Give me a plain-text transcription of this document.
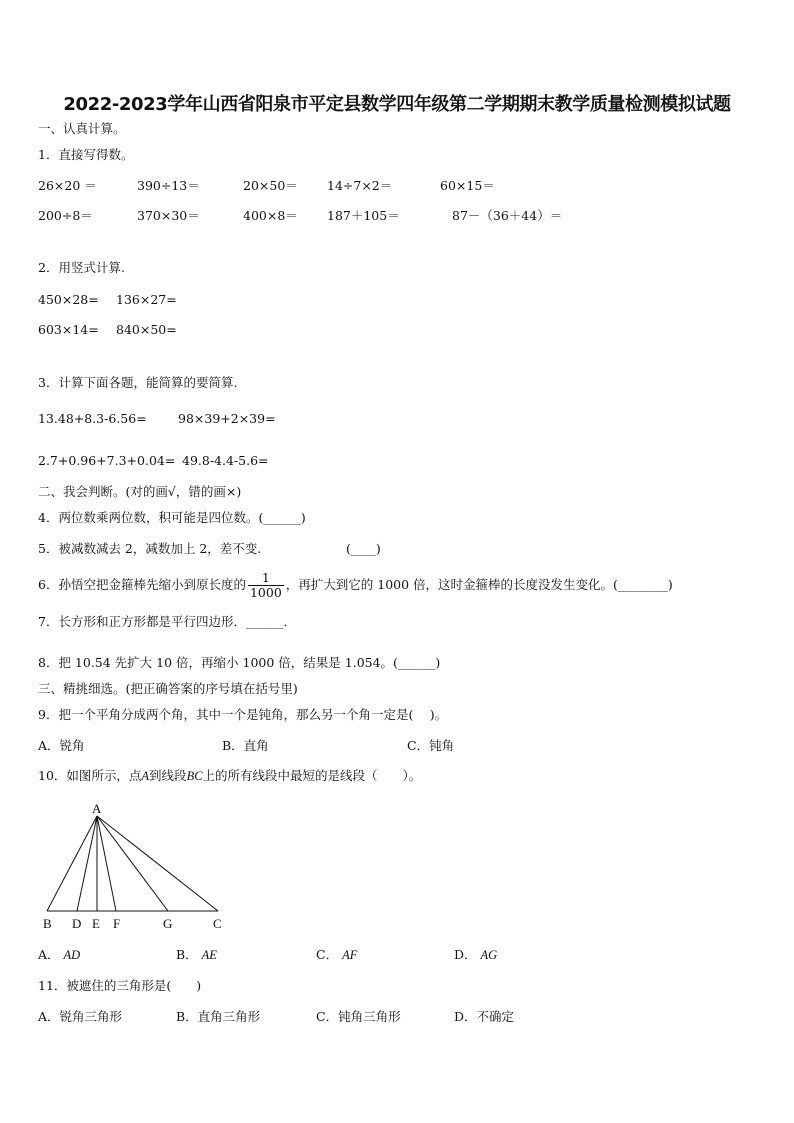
2022-2023学年山西省阳泉市平定县数学四年级第二学期期末教学质量检测模拟试题
一、认真计算。
1．直接写得数。
26×20 ＝	390÷13＝	20×50＝ 14÷7×2＝	60×15＝
200÷8＝	370×30＝	400×8＝ 187＋105＝	87－（36＋44）＝
2．用竖式计算.
450×28= 136×27=
603×14= 840×50=
3．计算下面各题，能简算的要简算.
13.48+8.3-6.56=	98×39+2×39=
2.7+0.96+7.3+0.04= 49.8-4.4-5.6=
二、我会判断。(对的画√，错的画×)
4．两位数乘两位数，积可能是四位数。(______)
5．被减数减去 2，减数加上 2，差不变.	(____)
6．孙悟空把金箍棒先缩小到原长度的 $\frac{1}{1000}$ ，再扩大到它的 1000 倍，这时金箍棒的长度没发生变化。(________)
7．长方形和正方形都是平行四边形．______．
8．把 10.54 先扩大 10 倍，再缩小 1000 倍，结果是 1.054。(______)
三、精挑细选。(把正确答案的序号填在括号里)
9．把一个平角分成两个角，其中一个是钝角，那么另一个角一定是(　 )。
A．锐角	B．直角	C．钝角
10．如图所示，点A到线段BC上的所有线段中最短的是线段（　　）。
A
B D E F	G	C
A． AD	B． AE	C． AF	D． AG
11．被遮住的三角形是(　　)
A．锐角三角形	B．直角三角形	C．钝角三角形	D．不确定
